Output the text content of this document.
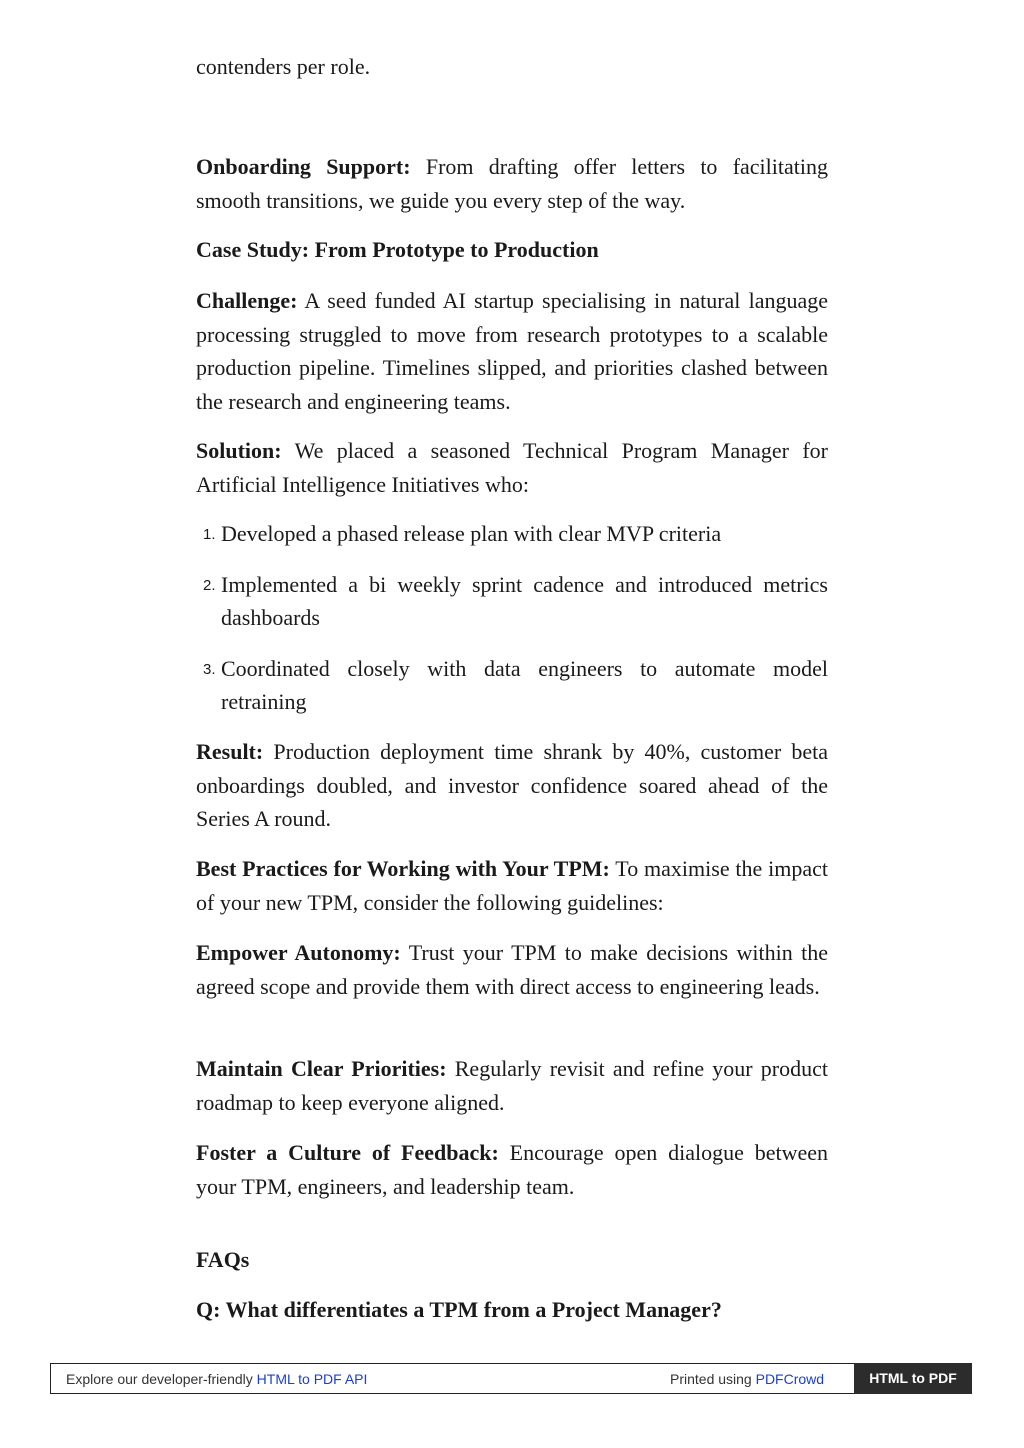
contenders per role.

Onboarding Support: From drafting offer letters to facilitating smooth transitions, we guide you every step of the way.

Case Study: From Prototype to Production

Challenge: A seed funded AI startup specialising in natural language processing struggled to move from research prototypes to a scalable production pipeline. Timelines slipped, and priorities clashed between the research and engineering teams.

Solution: We placed a seasoned Technical Program Manager for Artificial Intelligence Initiatives who:

1. Developed a phased release plan with clear MVP criteria
2. Implemented a bi weekly sprint cadence and introduced metrics dashboards
3. Coordinated closely with data engineers to automate model retraining

Result: Production deployment time shrank by 40%, customer beta onboardings doubled, and investor confidence soared ahead of the Series A round.

Best Practices for Working with Your TPM: To maximise the impact of your new TPM, consider the following guidelines:

Empower Autonomy: Trust your TPM to make decisions within the agreed scope and provide them with direct access to engineering leads.

Maintain Clear Priorities: Regularly revisit and refine your product roadmap to keep everyone aligned.

Foster a Culture of Feedback: Encourage open dialogue between your TPM, engineers, and leadership team.

FAQs

Q: What differentiates a TPM from a Project Manager?

Explore our developer-friendly HTML to PDF API	Printed using PDFCrowd	HTML to PDF
